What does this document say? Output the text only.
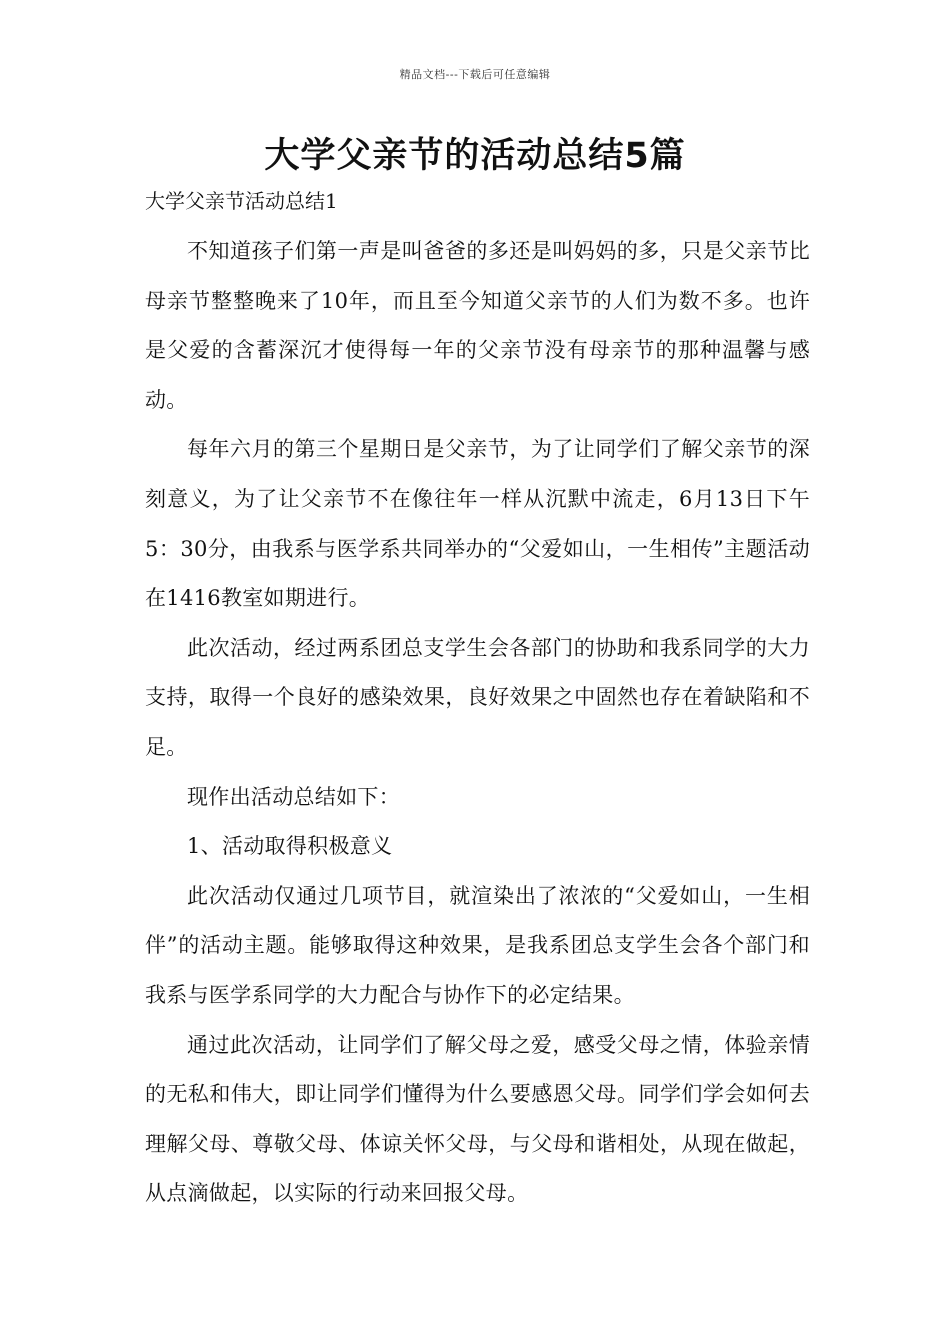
精品文档---下载后可任意编辑
大学父亲节的活动总结5篇
大学父亲节活动总结1

不知道孩子们第一声是叫爸爸的多还是叫妈妈的多，只是父亲节比母亲节整整晚来了10年，而且至今知道父亲节的人们为数不多。也许是父爱的含蓄深沉才使得每一年的父亲节没有母亲节的那种温馨与感动。

每年六月的第三个星期日是父亲节，为了让同学们了解父亲节的深刻意义，为了让父亲节不在像往年一样从沉默中流走，6月13日下午5：30分，由我系与医学系共同举办的“父爱如山，一生相传”主题活动在1416教室如期进行。

此次活动，经过两系团总支学生会各部门的协助和我系同学的大力支持，取得一个良好的感染效果，良好效果之中固然也存在着缺陷和不足。

现作出活动总结如下：

1、活动取得积极意义

此次活动仅通过几项节目，就渲染出了浓浓的“父爱如山，一生相伴”的活动主题。能够取得这种效果，是我系团总支学生会各个部门和我系与医学系同学的大力配合与协作下的必定结果。

通过此次活动，让同学们了解父母之爱，感受父母之情，体验亲情的无私和伟大，即让同学们懂得为什么要感恩父母。同学们学会如何去理解父母、尊敬父母、体谅关怀父母，与父母和谐相处，从现在做起，从点滴做起，以实际的行动来回报父母。
